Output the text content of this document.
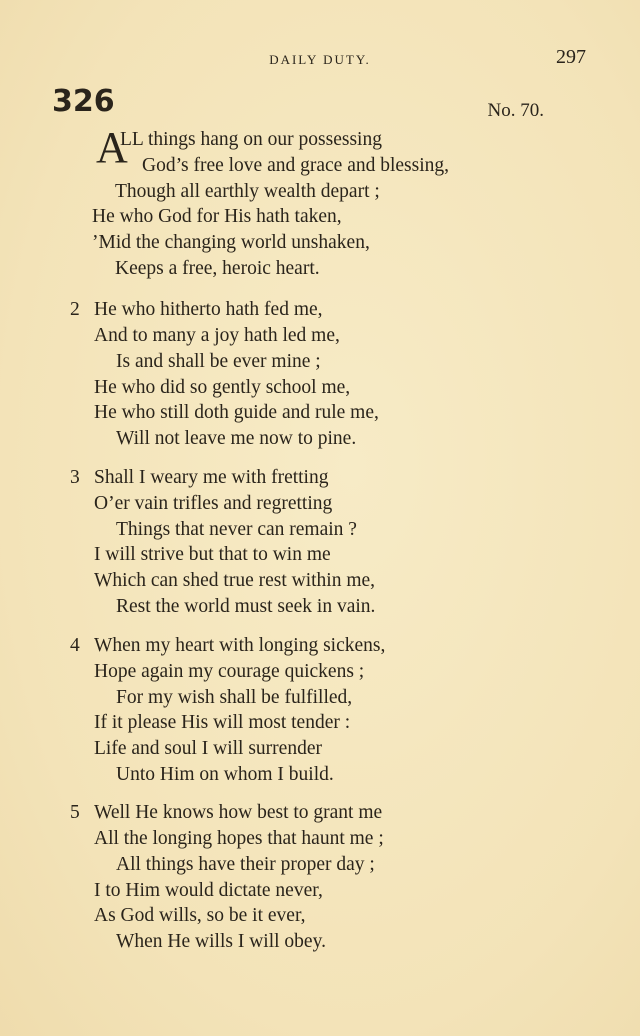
DAILY DUTY.	297
326	No. 70.
A
LL things hang on our possessing
God’s free love and grace and blessing,
Though all earthly wealth depart ;
He who God for His hath taken,
’Mid the changing world unshaken,
Keeps a free, heroic heart.
2 He who hitherto hath fed me,
And to many a joy hath led me,
Is and shall be ever mine ;
He who did so gently school me,
He who still doth guide and rule me,
Will not leave me now to pine.
3 Shall I weary me with fretting
O’er vain trifles and regretting
Things that never can remain ?
I will strive but that to win me
Which can shed true rest within me,
Rest the world must seek in vain.
4 When my heart with longing sickens,
Hope again my courage quickens ;
For my wish shall be fulfilled,
If it please His will most tender :
Life and soul I will surrender
Unto Him on whom I build.
5 Well He knows how best to grant me
All the longing hopes that haunt me ;
All things have their proper day ;
I to Him would dictate never,
As God wills, so be it ever,
When He wills I will obey.
